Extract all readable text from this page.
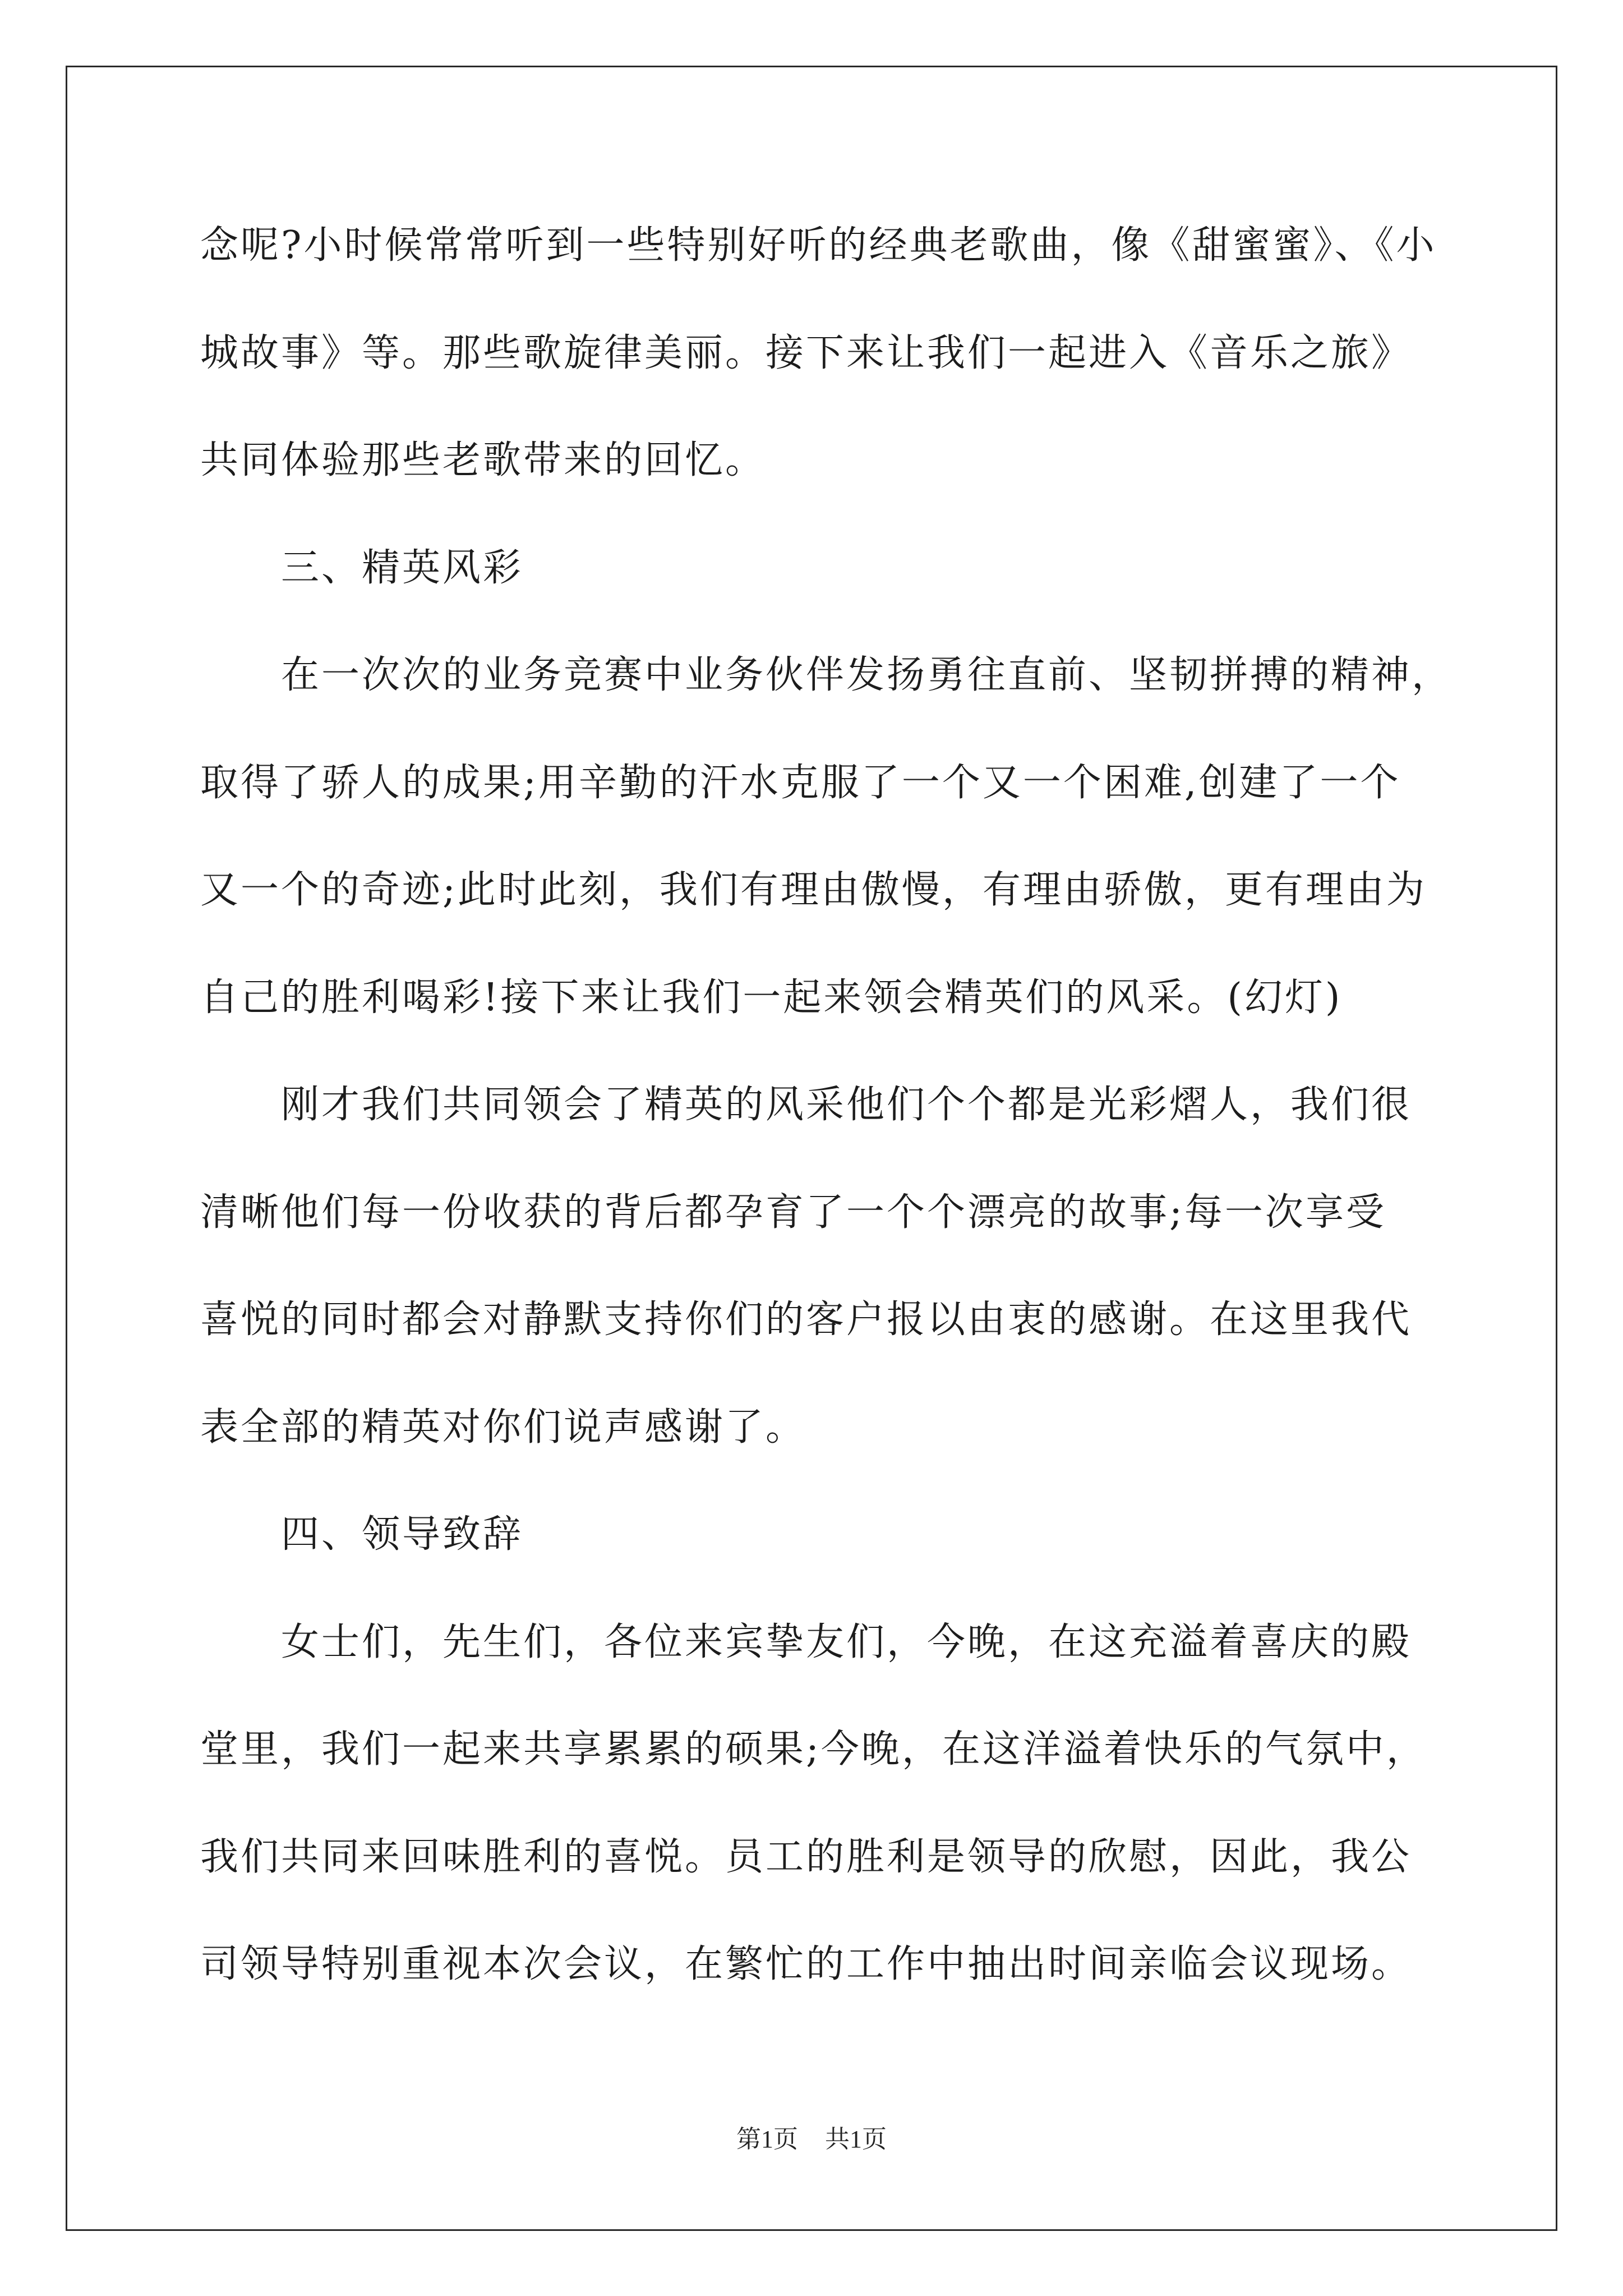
念呢?小时候常常听到一些特别好听的经典老歌曲，像《甜蜜蜜》、《小
城故事》等。那些歌旋律美丽。接下来让我们一起进入《音乐之旅》
共同体验那些老歌带来的回忆。
三、精英风彩
在一次次的业务竞赛中业务伙伴发扬勇往直前、坚韧拼搏的精神，
取得了骄人的成果;用辛勤的汗水克服了一个又一个困难,创建了一个
又一个的奇迹;此时此刻，我们有理由傲慢，有理由骄傲，更有理由为
自己的胜利喝彩!接下来让我们一起来领会精英们的风采。(幻灯)
刚才我们共同领会了精英的风采他们个个都是光彩熠人，我们很
清晰他们每一份收获的背后都孕育了一个个漂亮的故事;每一次享受
喜悦的同时都会对静默支持你们的客户报以由衷的感谢。在这里我代
表全部的精英对你们说声感谢了。
四、领导致辞
女士们，先生们，各位来宾挚友们，今晚，在这充溢着喜庆的殿
堂里，我们一起来共享累累的硕果;今晚，在这洋溢着快乐的气氛中，
我们共同来回味胜利的喜悦。员工的胜利是领导的欣慰，因此，我公
司领导特别重视本次会议，在繁忙的工作中抽出时间亲临会议现场。
第1页 共1页
